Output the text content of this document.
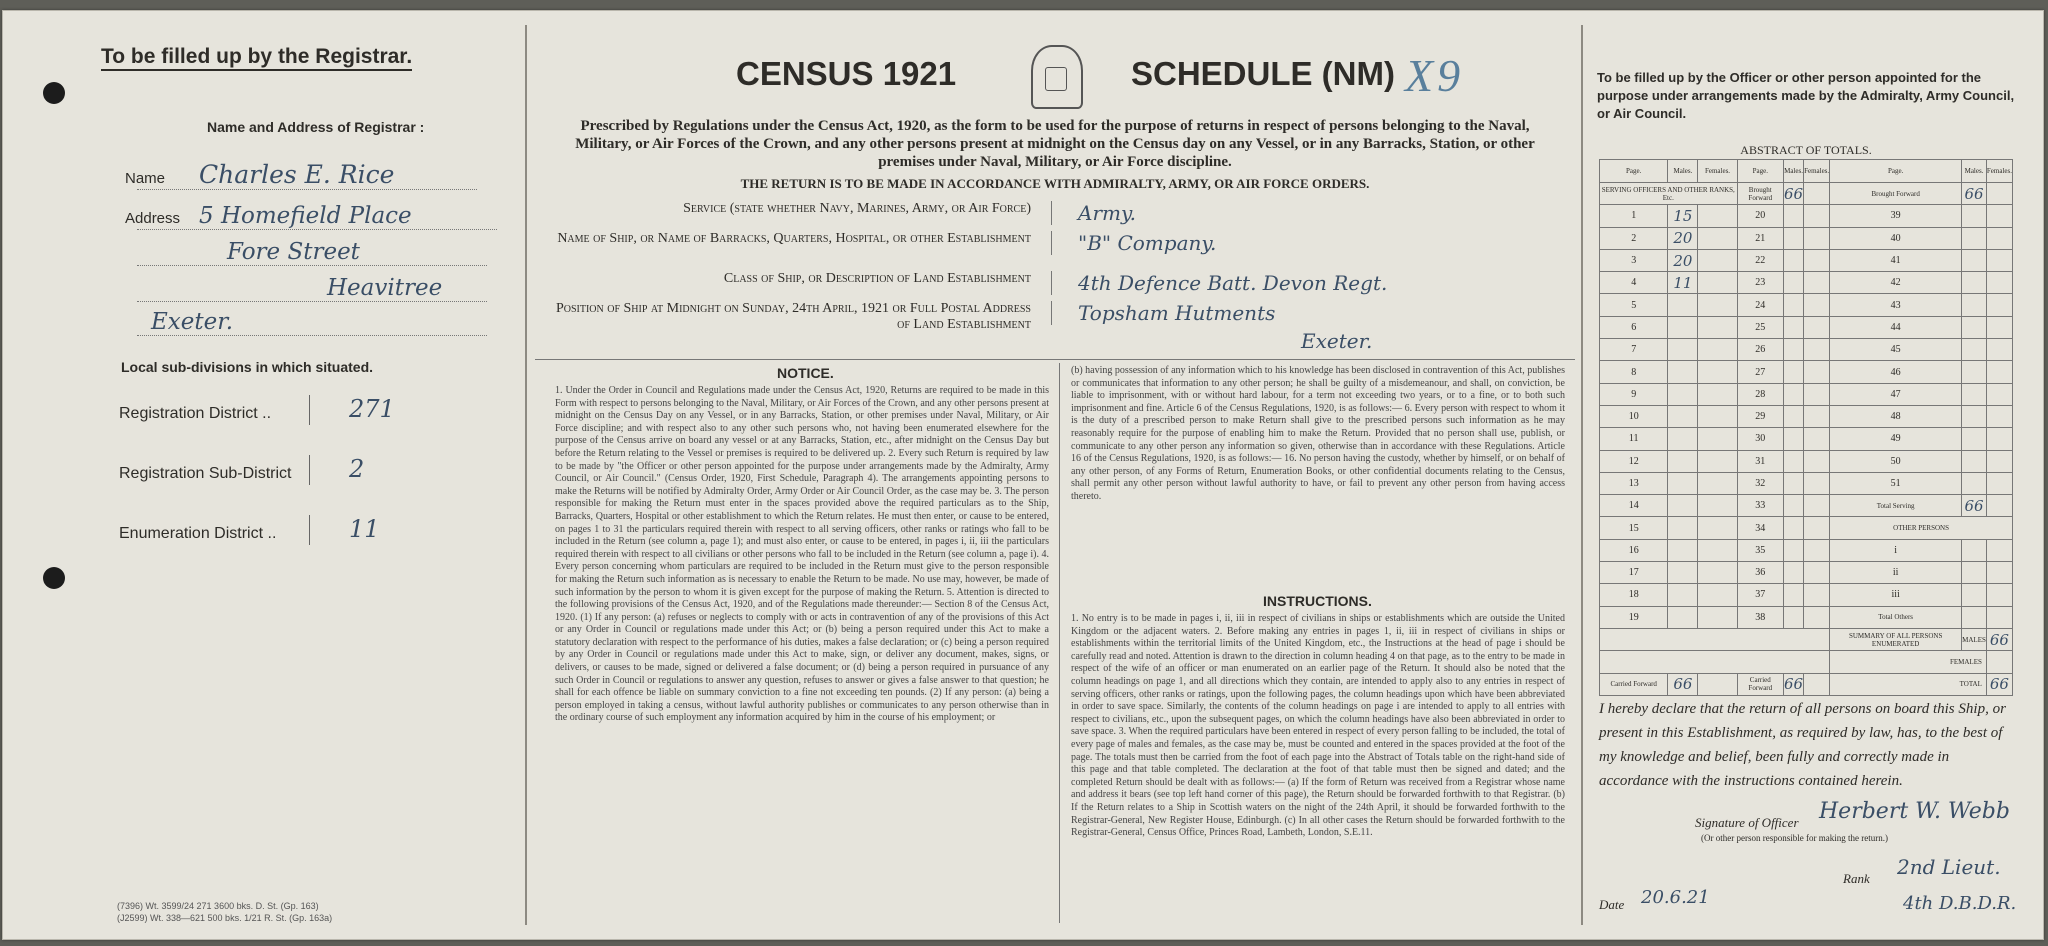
To be filled up by the Registrar.
Name and Address of Registrar :
Name Charles E. Rice
Address 5 Homefield Place
Fore Street
Heavitree
Exeter.
Local sub-divisions in which situated.
Registration District ..	271
Registration Sub-District 2
Enumeration District ..	11
(7396) Wt. 3599/24 271 3600 bks. D. St. (Gp. 163)
(J2599) Wt. 338—621 500 bks. 1/21 R. St. (Gp. 163a)
CENSUS 1921	SCHEDULE (NM) X9
Prescribed by Regulations under the Census Act, 1920, as the form to be used for the purpose of returns in respect of persons belonging to the Naval, Military, or Air Forces of the Crown, and any other persons present at midnight on the Census day on any Vessel, or in any Barracks, Station, or other premises under Naval, Military, or Air Force discipline.
THE RETURN IS TO BE MADE IN ACCORDANCE WITH ADMIRALTY, ARMY, OR AIR FORCE ORDERS.
Service (state whether Navy, Marines, Army, or Air Force)	Army.
Name of Ship, or Name of Barracks, Quarters, Hospital, or other Establishment	"B" Company.
Class of Ship, or Description of Land Establishment	4th Defence Batt. Devon Regt.
Position of Ship at Midnight on Sunday, 24th April, 1921 or Full Postal Address of Land Establishment	Topsham Hutments
Exeter.
NOTICE.
1. Under the Order in Council and Regulations made under the Census Act, 1920, Returns are required to be made in this Form with respect to persons belonging to the Naval, Military, or Air Forces of the Crown, and any other persons present at midnight on the Census Day on any Vessel, or in any Barracks, Station, or other premises under Naval, Military, or Air Force discipline; and with respect also to any other such persons who, not having been enumerated elsewhere for the purpose of the Census arrive on board any vessel or at any Barracks, Station, etc., after midnight on the Census Day but before the Return relating to the Vessel or premises is required to be delivered up. 2. Every such Return is required by law to be made by "the Officer or other person appointed for the purpose under arrangements made by the Admiralty, Army Council, or Air Council." (Census Order, 1920, First Schedule, Paragraph 4). The arrangements appointing persons to make the Returns will be notified by Admiralty Order, Army Order or Air Council Order, as the case may be. 3. The person responsible for making the Return must enter in the spaces provided above the required particulars as to the Ship, Barracks, Quarters, Hospital or other establishment to which the Return relates. He must then enter, or cause to be entered, on pages 1 to 31 the particulars required therein with respect to all serving officers, other ranks or ratings who fall to be included in the Return (see column a, page 1); and must also enter, or cause to be entered, in pages i, ii, iii the particulars required therein with respect to all civilians or other persons who fall to be included in the Return (see column a, page i). 4. Every person concerning whom particulars are required to be included in the Return must give to the person responsible for making the Return such information as is necessary to enable the Return to be made. No use may, however, be made of such information by the person to whom it is given except for the purpose of making the Return. 5. Attention is directed to the following provisions of the Census Act, 1920, and of the Regulations made thereunder:— Section 8 of the Census Act, 1920. (1) If any person: (a) refuses or neglects to comply with or acts in contravention of any of the provisions of this Act or any Order in Council or regulations made under this Act; or (b) being a person required under this Act to make a statutory declaration with respect to the performance of his duties, makes a false declaration; or (c) being a person required by any Order in Council or regulations made under this Act to make, sign, or deliver any document, makes, signs, or delivers, or causes to be made, signed or delivered a false document; or (d) being a person required in pursuance of any such Order in Council or regulations to answer any question, refuses to answer or gives a false answer to that question; he shall for each offence be liable on summary conviction to a fine not exceeding ten pounds. (2) If any person: (a) being a person employed in taking a census, without lawful authority publishes or communicates to any person otherwise than in the ordinary course of such employment any information acquired by him in the course of his employment; or
(b) having possession of any information which to his knowledge has been disclosed in contravention of this Act, publishes or communicates that information to any other person; he shall be guilty of a misdemeanour, and shall, on conviction, be liable to imprisonment, with or without hard labour, for a term not exceeding two years, or to a fine, or to both such imprisonment and fine. Article 6 of the Census Regulations, 1920, is as follows:— 6. Every person with respect to whom it is the duty of a prescribed person to make Return shall give to the prescribed persons such information as he may reasonably require for the purpose of enabling him to make the Return. Provided that no person shall use, publish, or communicate to any other person any information so given, otherwise than in accordance with these Regulations. Article 16 of the Census Regulations, 1920, is as follows:— 16. No person having the custody, whether by himself, or on behalf of any other person, of any Forms of Return, Enumeration Books, or other confidential documents relating to the Census, shall permit any other person without lawful authority to have, or fail to prevent any other person from having access thereto.
INSTRUCTIONS.
1. No entry is to be made in pages i, ii, iii in respect of civilians in ships or establishments which are outside the United Kingdom or the adjacent waters. 2. Before making any entries in pages 1, ii, iii in respect of civilians in ships or establishments within the territorial limits of the United Kingdom, etc., the Instructions at the head of page i should be carefully read and noted. Attention is drawn to the direction in column heading 4 on that page, as to the entry to be made in respect of the wife of an officer or man enumerated on an earlier page of the Return. It should also be noted that the column headings on page 1, and all directions which they contain, are intended to apply also to any entries in respect of serving officers, other ranks or ratings, upon the following pages, the column headings upon which have been abbreviated in order to save space. Similarly, the contents of the column headings on page i are intended to apply to all entries with respect to civilians, etc., upon the subsequent pages, on which the column headings have also been abbreviated in order to save space. 3. When the required particulars have been entered in respect of every person falling to be included, the total of every page of males and females, as the case may be, must be counted and entered in the spaces provided at the foot of the page. The totals must then be carried from the foot of each page into the Abstract of Totals table on the right-hand side of this page and that table completed. The declaration at the foot of that table must then be signed and dated; and the completed Return should be dealt with as follows:— (a) If the form of Return was received from a Registrar whose name and address it bears (see top left hand corner of this page), the Return should be forwarded forthwith to that Registrar. (b) If the Return relates to a Ship in Scottish waters on the night of the 24th April, it should be forwarded forthwith to the Registrar-General, New Register House, Edinburgh. (c) In all other cases the Return should be forwarded forthwith to the Registrar-General, Census Office, Princes Road, Lambeth, London, S.E.11.
To be filled up by the Officer or other person appointed for the purpose under arrangements made by the Admiralty, Army Council, or Air Council.
ABSTRACT OF TOTALS.
Page.	Males.	Females.	Page.	Males.	Females.	Page.	Males.	Females.
SERVING OFFICERS AND OTHER RANKS, Etc.			Brought Forward	66		Brought Forward	66	
1	15		20			39		
2	20		21			40		
3	20		22			41		
4	11		23			42		
5			24			43		
6			25			44		
7			26			45		
8			27			46		
9			28			47		
10			29			48		
11			30			49		
12			31			50		
13			32			51		
14			33			Total Serving	66	
15			34			OTHER PERSONS		
16			35			i		
17			36			ii		
18			37			iii		
19			38			Total Others		
						SUMMARY OF ALL PERSONS ENUMERATED	MALES	66
						FEMALES		
Carried Forward	66		Carried Forward	66		TOTAL		66
I hereby declare that the return of all persons on board this Ship, or present in this Establishment, as required by law, has, to the best of my knowledge and belief, been fully and correctly made in accordance with the instructions contained herein.
Signature of Officer Herbert W. Webb
(Or other person responsible for making the return.)
Rank 2nd Lieut.
4th D.B.D.R.
Date 20.6.21
